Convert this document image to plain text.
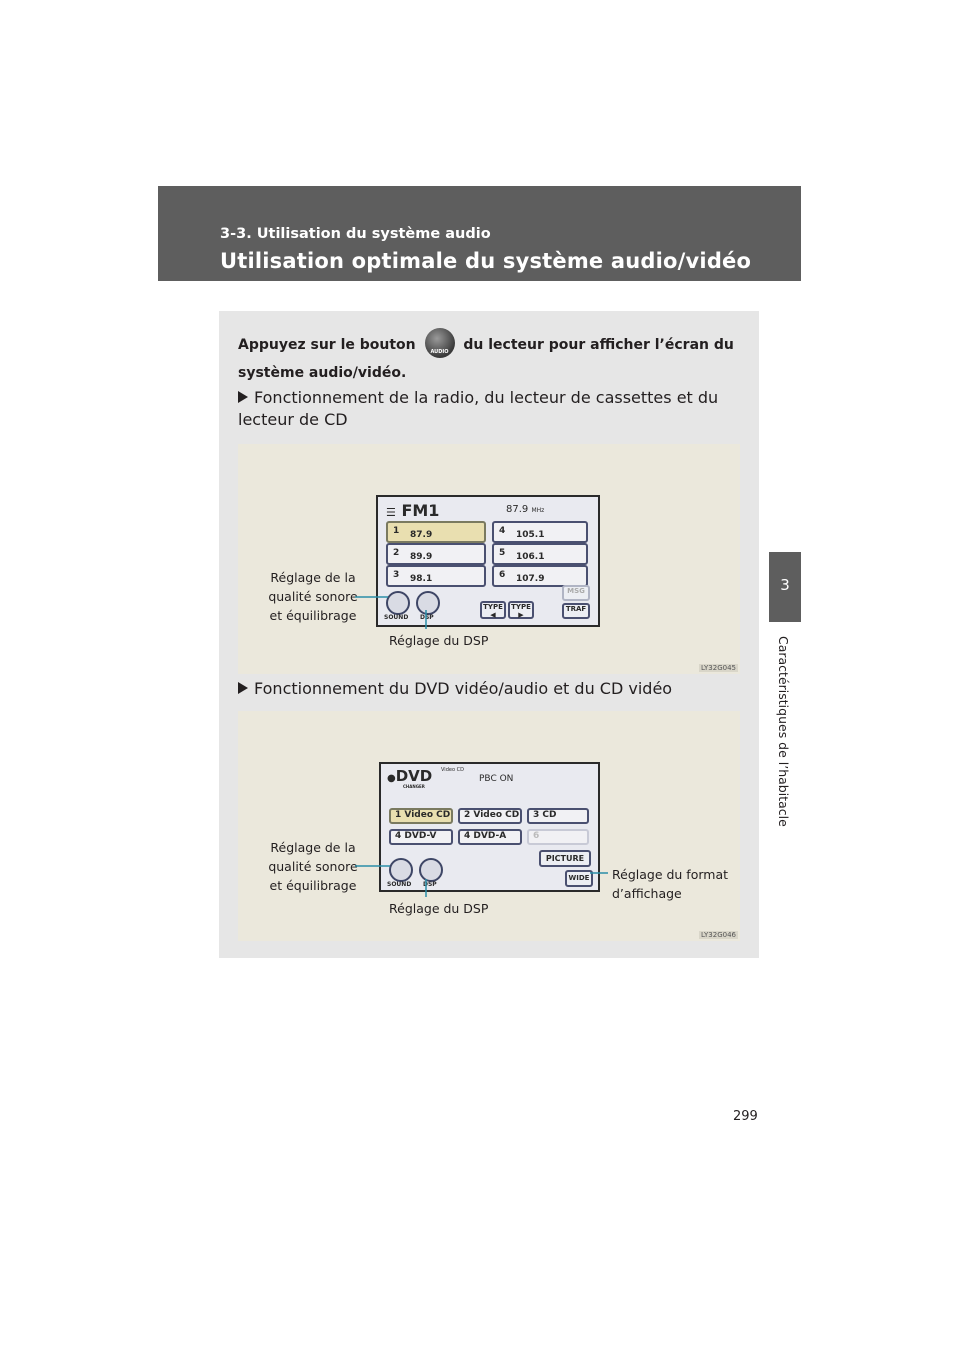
3-3. Utilisation du système audio
Utilisation optimale du système audio/vidéo
3
Caractéristiques de l’habitacle
Appuyez sur le bouton	AUDIO	du lecteur pour afficher l’écran du système audio/vidéo.
Fonctionnement de la radio, du lecteur de cassettes et du lecteur de CD
☰ FM1	87.9 MHz
1 87.9
2 89.9
3 98.1
4 105.1
5 106.1
6 107.9
SOUND DSP
TYPE
◀
TYPE
▶
MSG
TRAF
Réglage de la qualité sonore et équilibrage
Réglage du DSP
LY32G045
Fonctionnement du DVD vidéo/audio et du CD vidéo
●DVD
CHANGER
Video CD
PBC ON
1 Video CD	2 Video CD	3 CD
4 DVD-V	4 DVD-A	6
PICTURE
WIDE
SOUND DSP
Réglage de la qualité sonore et équilibrage
Réglage du DSP
Réglage du format d’affichage
LY32G046
299
